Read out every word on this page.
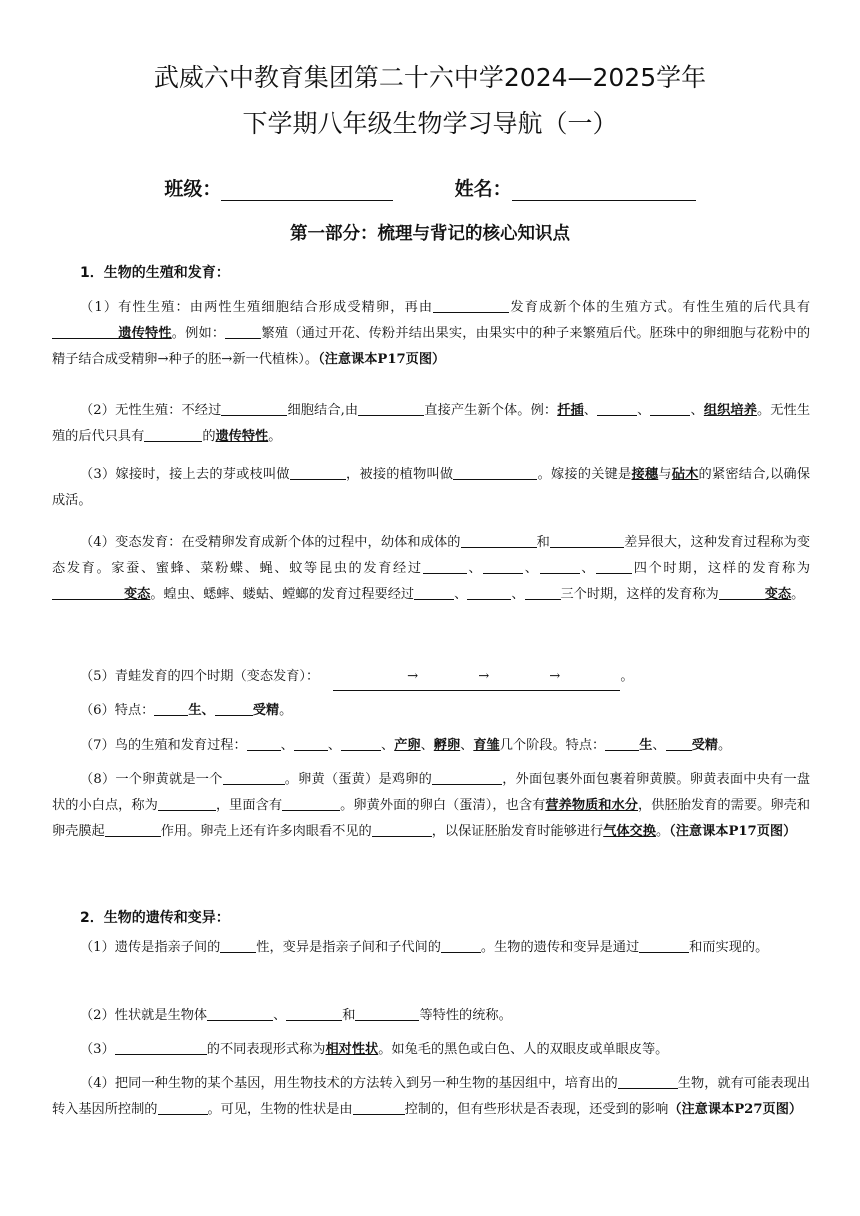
武威六中教育集团第二十六中学2024—2025学年
下学期八年级生物学习导航（一）
班级：	姓名：
第一部分：梳理与背记的核心知识点
1．生物的生殖和发育：
（1）有性生殖：由两性生殖细胞结合形成受精卵，再由	发育成新个体的生殖方式。有性生殖的后代具有遗传特性。例如：	繁殖（通过开花、传粉并结出果实，由果实中的种子来繁殖后代。胚珠中的卵细胞与花粉中的精子结合成受精卵→种子的胚→新一代植株）。（注意课本P17页图）
（2）无性生殖：不经过	细胞结合,由	直接产生新个体。例：扦插、	、	、组织培养。无性生殖的后代只具有	的遗传特性。
（3）嫁接时，接上去的芽或枝叫做	，被接的植物叫做	。嫁接的关键是接穗与砧木的紧密结合,以确保成活。
（4）变态发育：在受精卵发育成新个体的过程中，幼体和成体的	和	差异很大，这种发育过程称为变态发育。家蚕、蜜蜂、菜粉蝶、蝇、蚊等昆虫的发育经过	、	、	、	四个时期，这样的发育称为变态。蝗虫、蟋蟀、蝼蛄、螳螂的发育过程要经过	、	、	三个时期，这样的发育称为	变态。
（5）青蛙发育的四个时期（变态发育）：	→	→	→	。
（6）特点：	生、	受精。
（7）鸟的生殖和发育过程：	、	、	、产卵、孵卵、育雏几个阶段。特点：	生、 受精。
（8）一个卵黄就是一个	。卵黄（蛋黄）是鸡卵的	，外面包裹外面包裹着卵黄膜。卵黄表面中央有一盘状的小白点，称为	，里面含有	。卵黄外面的卵白（蛋清），也含有营养物质和水分，供胚胎发育的需要。卵壳和卵壳膜起	作用。卵壳上还有许多肉眼看不见的	，以保证胚胎发育时能够进行气体交换。（注意课本P17页图）
2．生物的遗传和变异：
（1）遗传是指亲子间的	性，变异是指亲子间和子代间的	。生物的遗传和变异是通过	和而实现的。
（2）性状就是生物体	、	和	等特性的统称。
（3）	的不同表现形式称为相对性状。如兔毛的黑色或白色、人的双眼皮或单眼皮等。
（4）把同一种生物的某个基因，用生物技术的方法转入到另一种生物的基因组中，培育出的	生物，就有可能表现出转入基因所控制的	。可见，生物的性状是由	控制的，但有些形状是否表现，还受到的影响（注意课本P27页图）
